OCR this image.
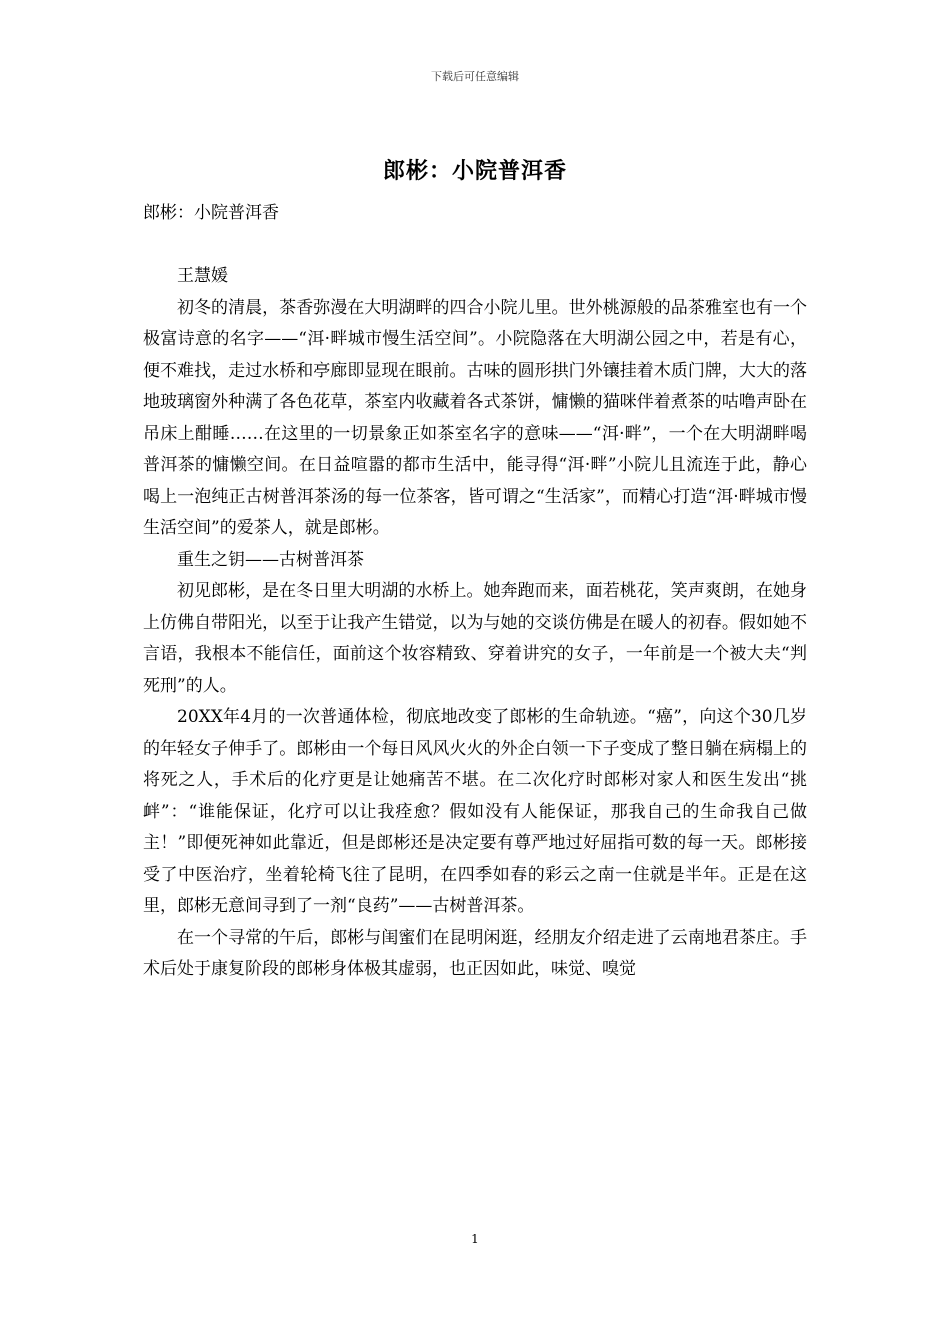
下载后可任意编辑
郎彬：小院普洱香

郎彬：小院普洱香

王慧媛

初冬的清晨，茶香弥漫在大明湖畔的四合小院儿里。世外桃源般的品茶雅室也有一个极富诗意的名字——“洱·畔城市慢生活空间”。小院隐落在大明湖公园之中，若是有心，便不难找，走过水桥和亭廊即显现在眼前。古味的圆形拱门外镶挂着木质门牌，大大的落地玻璃窗外种满了各色花草，茶室内收藏着各式茶饼，慵懒的猫咪伴着煮茶的咕噜声卧在吊床上酣睡……在这里的一切景象正如茶室名字的意味——“洱·畔”，一个在大明湖畔喝普洱茶的慵懒空间。在日益喧嚣的都市生活中，能寻得“洱·畔”小院儿且流连于此，静心喝上一泡纯正古树普洱茶汤的每一位茶客，皆可谓之“生活家”，而精心打造“洱·畔城市慢生活空间”的爱茶人，就是郎彬。

重生之钥——古树普洱茶

初见郎彬，是在冬日里大明湖的水桥上。她奔跑而来，面若桃花，笑声爽朗，在她身上仿佛自带阳光，以至于让我产生错觉，以为与她的交谈仿佛是在暖人的初春。假如她不言语，我根本不能信任，面前这个妆容精致、穿着讲究的女子，一年前是一个被大夫“判死刑”的人。

20XX年4月的一次普通体检，彻底地改变了郎彬的生命轨迹。“癌”，向这个30几岁的年轻女子伸手了。郎彬由一个每日风风火火的外企白领一下子变成了整日躺在病榻上的将死之人，手术后的化疗更是让她痛苦不堪。在二次化疗时郎彬对家人和医生发出“挑衅”：“谁能保证，化疗可以让我痊愈？假如没有人能保证，那我自己的生命我自己做主！”即便死神如此靠近，但是郎彬还是决定要有尊严地过好屈指可数的每一天。郎彬接受了中医治疗，坐着轮椅飞往了昆明，在四季如春的彩云之南一住就是半年。正是在这里，郎彬无意间寻到了一剂“良药”——古树普洱茶。

在一个寻常的午后，郎彬与闺蜜们在昆明闲逛，经朋友介绍走进了云南地君茶庄。手术后处于康复阶段的郎彬身体极其虚弱，也正因如此，味觉、嗅觉

1
